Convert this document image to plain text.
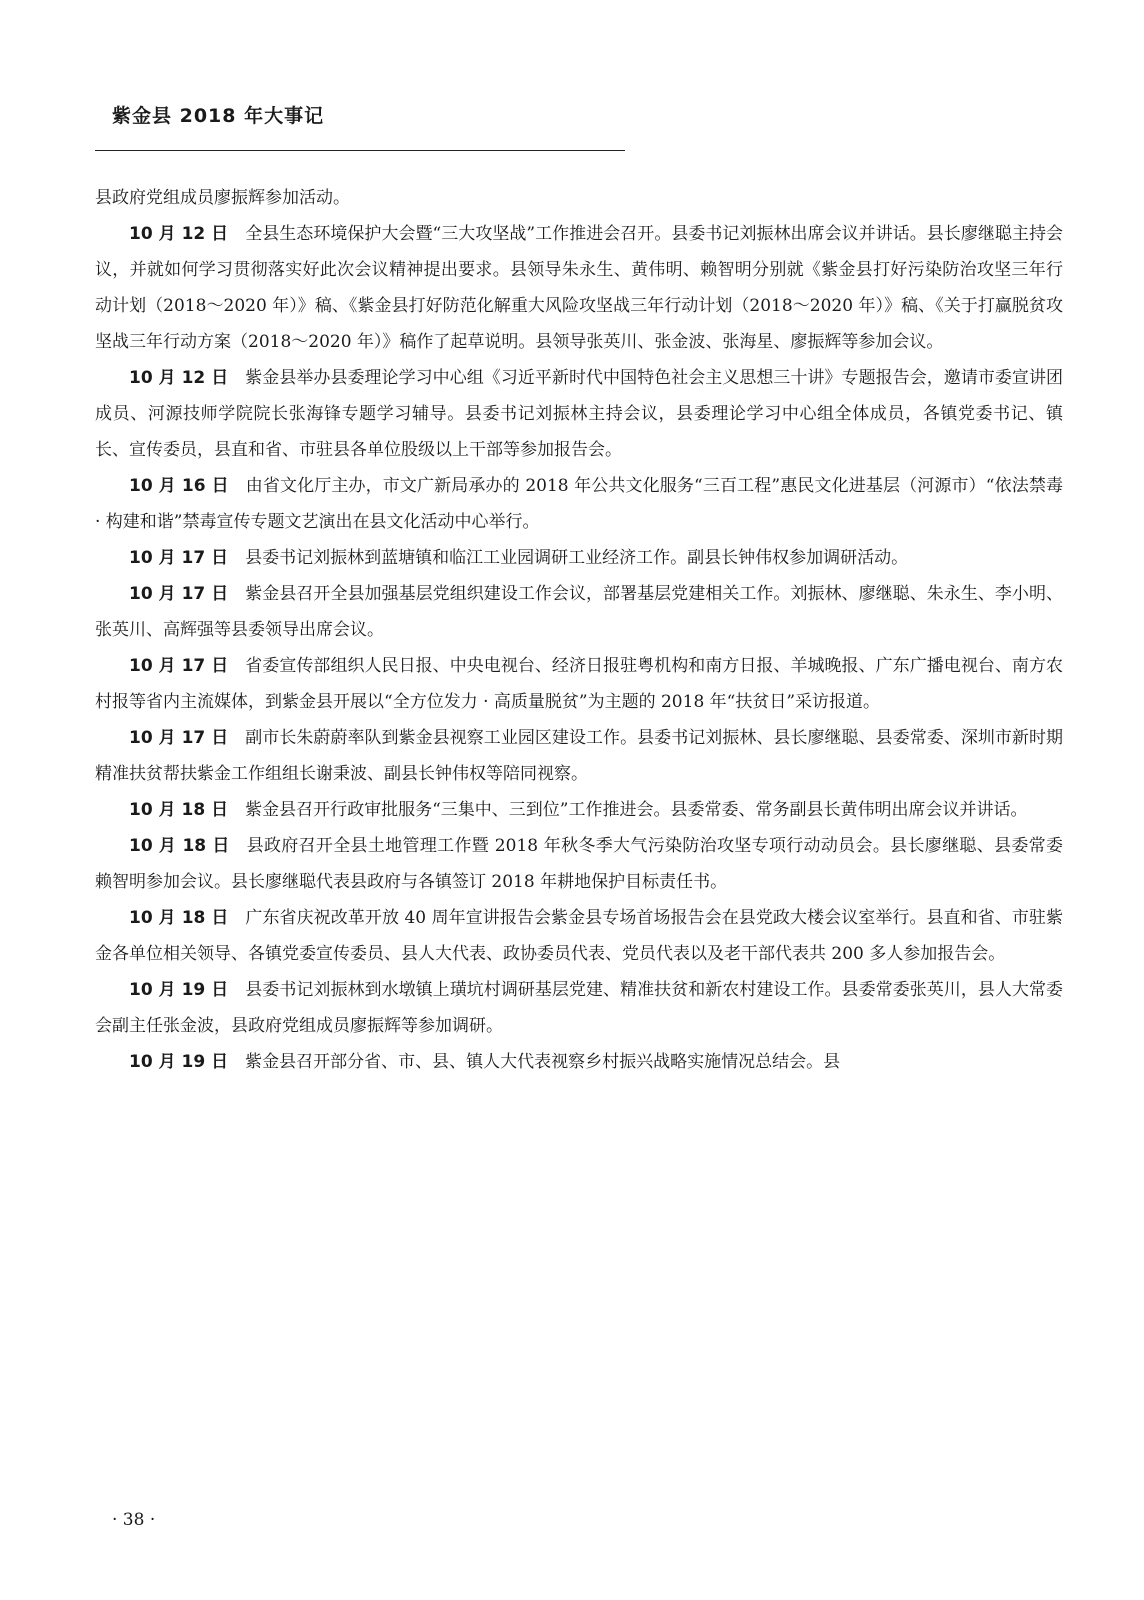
紫金县 2018 年大事记

县政府党组成员廖振辉参加活动。

10 月 12 日 全县生态环境保护大会暨“三大攻坚战”工作推进会召开。县委书记刘振林出席会议并讲话。县长廖继聪主持会议，并就如何学习贯彻落实好此次会议精神提出要求。县领导朱永生、黄伟明、赖智明分别就《紫金县打好污染防治攻坚三年行动计划（2018～2020 年）》稿、《紫金县打好防范化解重大风险攻坚战三年行动计划（2018～2020 年）》稿、《关于打赢脱贫攻坚战三年行动方案（2018～2020 年）》稿作了起草说明。县领导张英川、张金波、张海星、廖振辉等参加会议。

10 月 12 日 紫金县举办县委理论学习中心组《习近平新时代中国特色社会主义思想三十讲》专题报告会，邀请市委宣讲团成员、河源技师学院院长张海锋专题学习辅导。县委书记刘振林主持会议，县委理论学习中心组全体成员，各镇党委书记、镇长、宣传委员，县直和省、市驻县各单位股级以上干部等参加报告会。

10 月 16 日 由省文化厅主办，市文广新局承办的 2018 年公共文化服务“三百工程”惠民文化进基层（河源市）“依法禁毒 · 构建和谐”禁毒宣传专题文艺演出在县文化活动中心举行。

10 月 17 日 县委书记刘振林到蓝塘镇和临江工业园调研工业经济工作。副县长钟伟权参加调研活动。

10 月 17 日 紫金县召开全县加强基层党组织建设工作会议，部署基层党建相关工作。刘振林、廖继聪、朱永生、李小明、张英川、高辉强等县委领导出席会议。

10 月 17 日 省委宣传部组织人民日报、中央电视台、经济日报驻粤机构和南方日报、羊城晚报、广东广播电视台、南方农村报等省内主流媒体，到紫金县开展以“全方位发力 · 高质量脱贫”为主题的 2018 年“扶贫日”采访报道。

10 月 17 日 副市长朱蔚蔚率队到紫金县视察工业园区建设工作。县委书记刘振林、县长廖继聪、县委常委、深圳市新时期精准扶贫帮扶紫金工作组组长谢秉波、副县长钟伟权等陪同视察。

10 月 18 日 紫金县召开行政审批服务“三集中、三到位”工作推进会。县委常委、常务副县长黄伟明出席会议并讲话。

10 月 18 日 县政府召开全县土地管理工作暨 2018 年秋冬季大气污染防治攻坚专项行动动员会。县长廖继聪、县委常委赖智明参加会议。县长廖继聪代表县政府与各镇签订 2018 年耕地保护目标责任书。

10 月 18 日 广东省庆祝改革开放 40 周年宣讲报告会紫金县专场首场报告会在县党政大楼会议室举行。县直和省、市驻紫金各单位相关领导、各镇党委宣传委员、县人大代表、政协委员代表、党员代表以及老干部代表共 200 多人参加报告会。

10 月 19 日 县委书记刘振林到水墩镇上璜坑村调研基层党建、精准扶贫和新农村建设工作。县委常委张英川，县人大常委会副主任张金波，县政府党组成员廖振辉等参加调研。

10 月 19 日 紫金县召开部分省、市、县、镇人大代表视察乡村振兴战略实施情况总结会。县

· 38 ·
